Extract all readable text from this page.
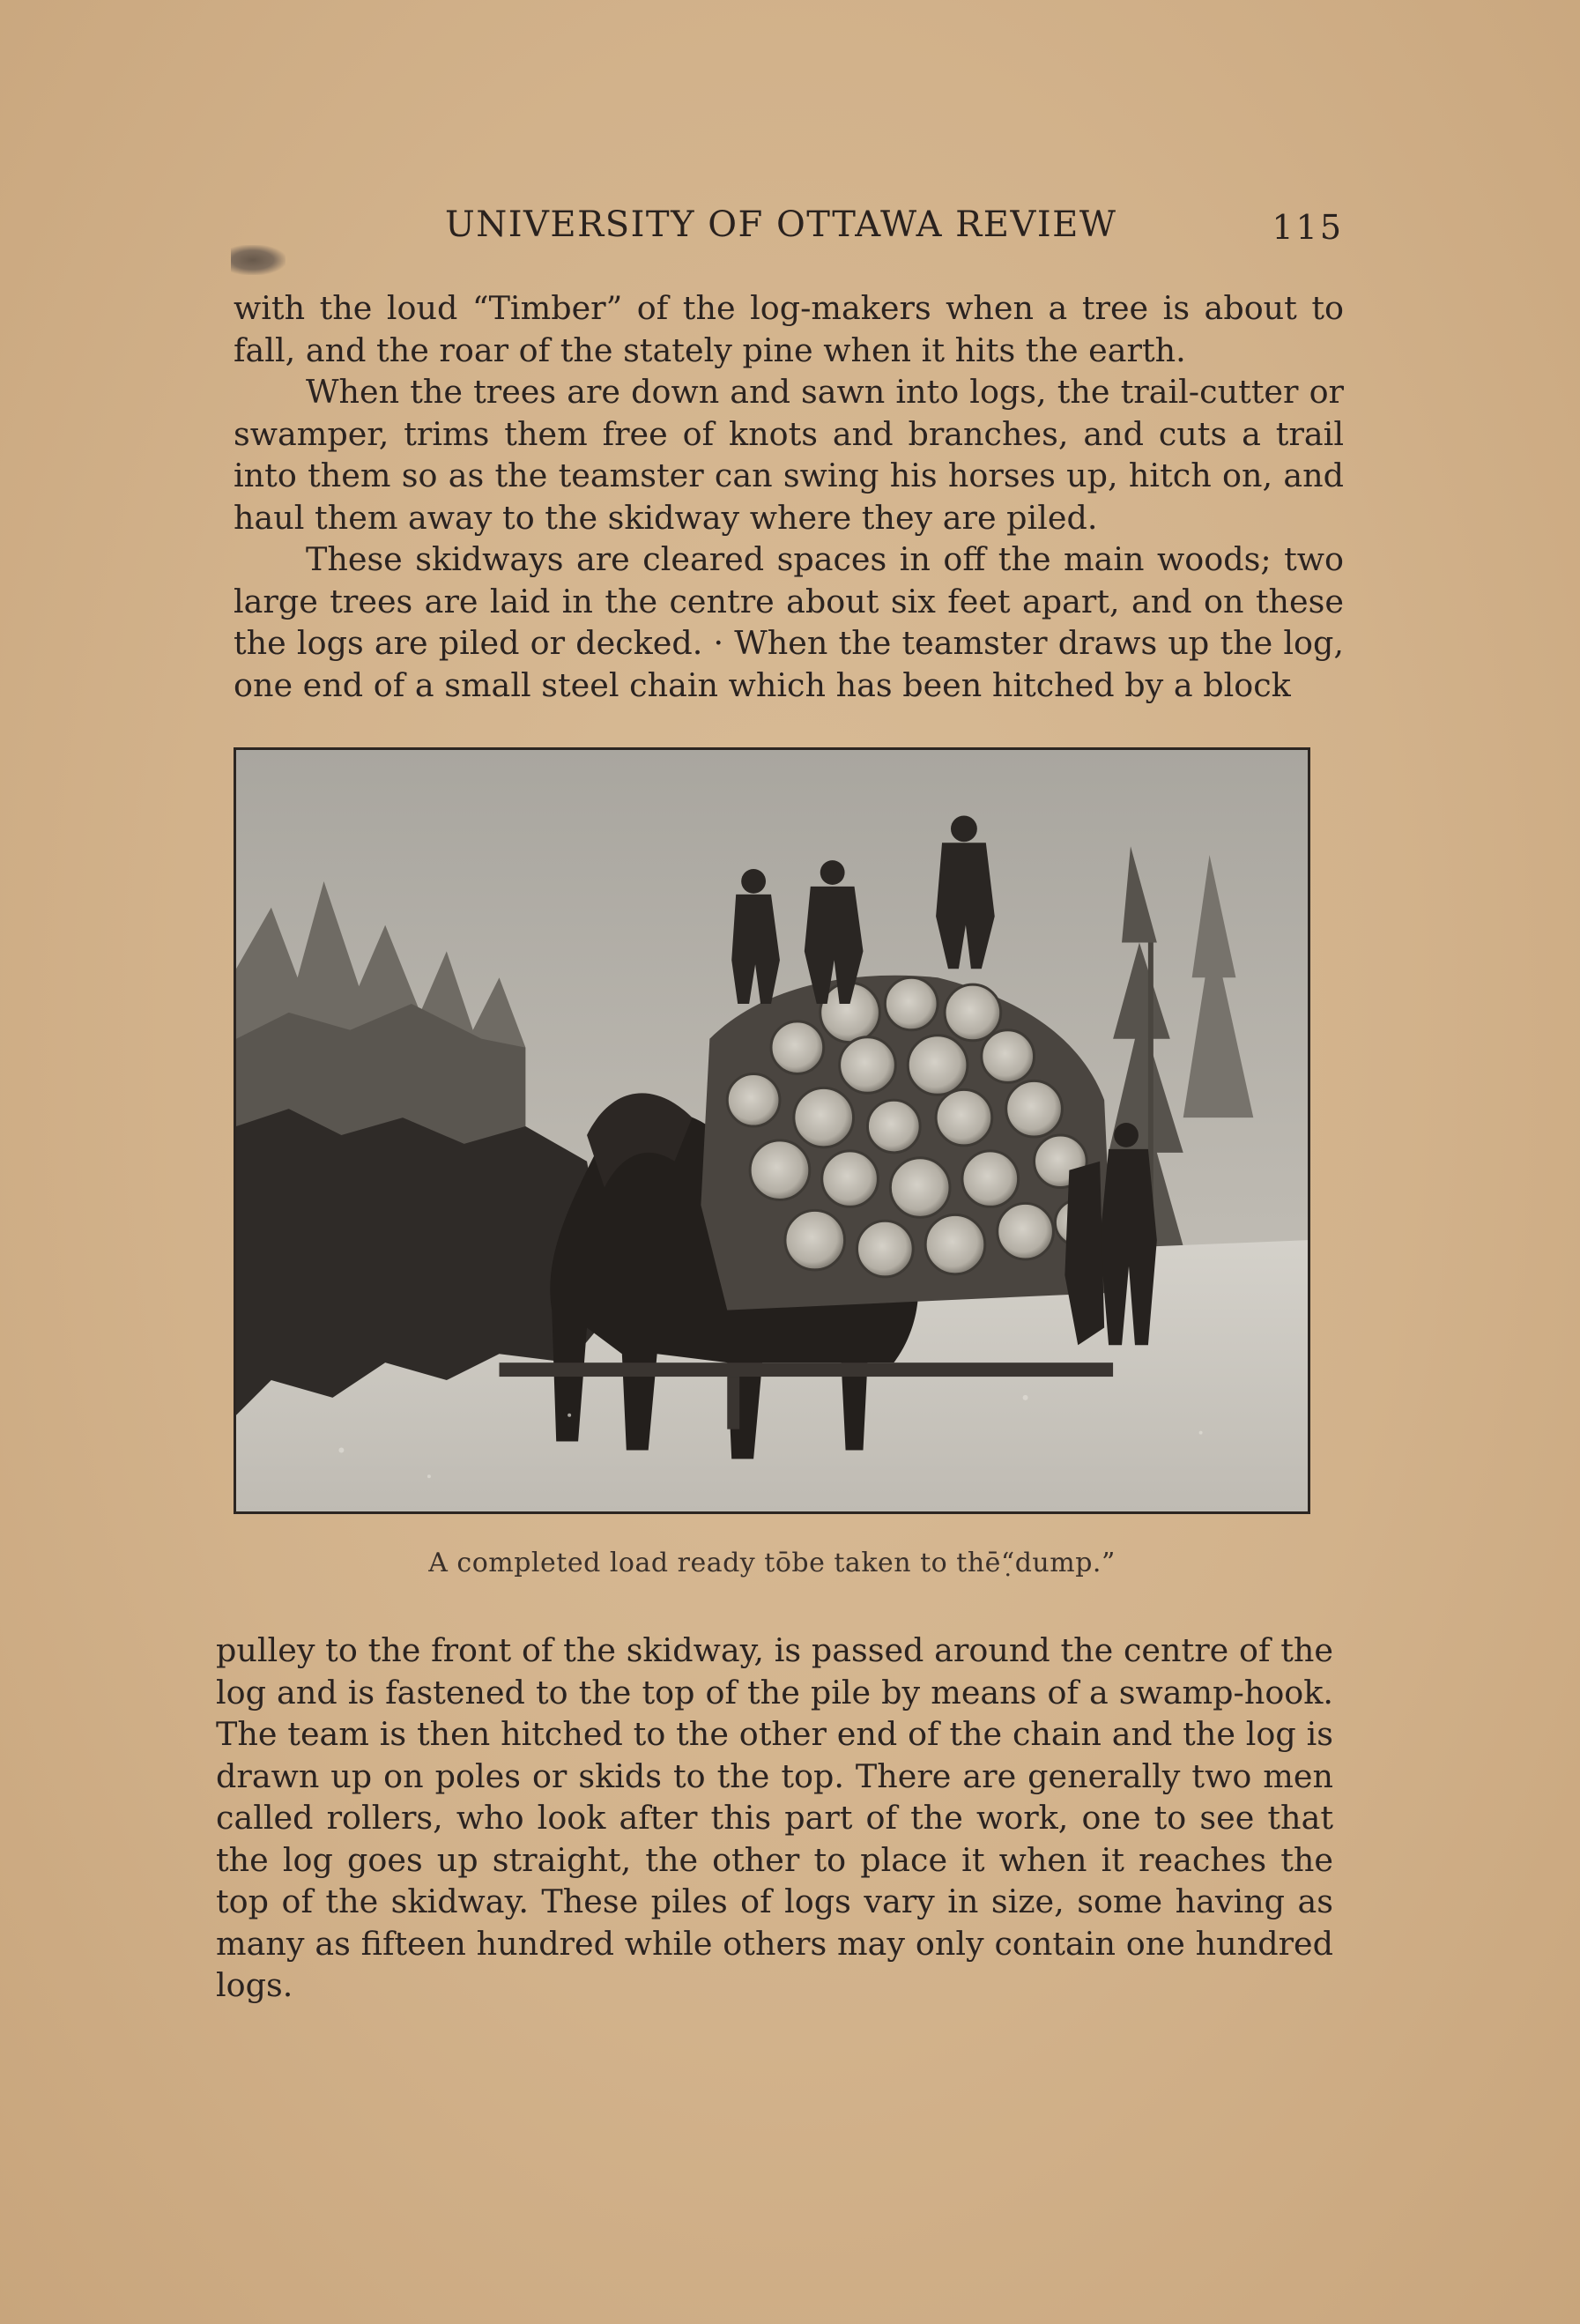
UNIVERSITY OF OTTAWA REVIEW	115

with the loud “Timber” of the log-makers when a tree is about to fall, and the roar of the stately pine when it hits the earth.

When the trees are down and sawn into logs, the trail-cutter or swamper, trims them free of knots and branches, and cuts a trail into them so as the teamster can swing his horses up, hitch on, and haul them away to the skidway where they are piled.

These skidways are cleared spaces in off the main woods; two large trees are laid in the centre about six feet apart, and on these the logs are piled or decked. · When the teamster draws up the log, one end of a small steel chain which has been hitched by a block

A completed load ready tōbe taken to thē“̣dump.”

pulley to the front of the skidway, is passed around the centre of the log and is fastened to the top of the pile by means of a swamp-hook. The team is then hitched to the other end of the chain and the log is drawn up on poles or skids to the top. There are generally two men called rollers, who look after this part of the work, one to see that the log goes up straight, the other to place it when it reaches the top of the skidway. These piles of logs vary in size, some having as many as fifteen hundred while others may only contain one hundred logs.
